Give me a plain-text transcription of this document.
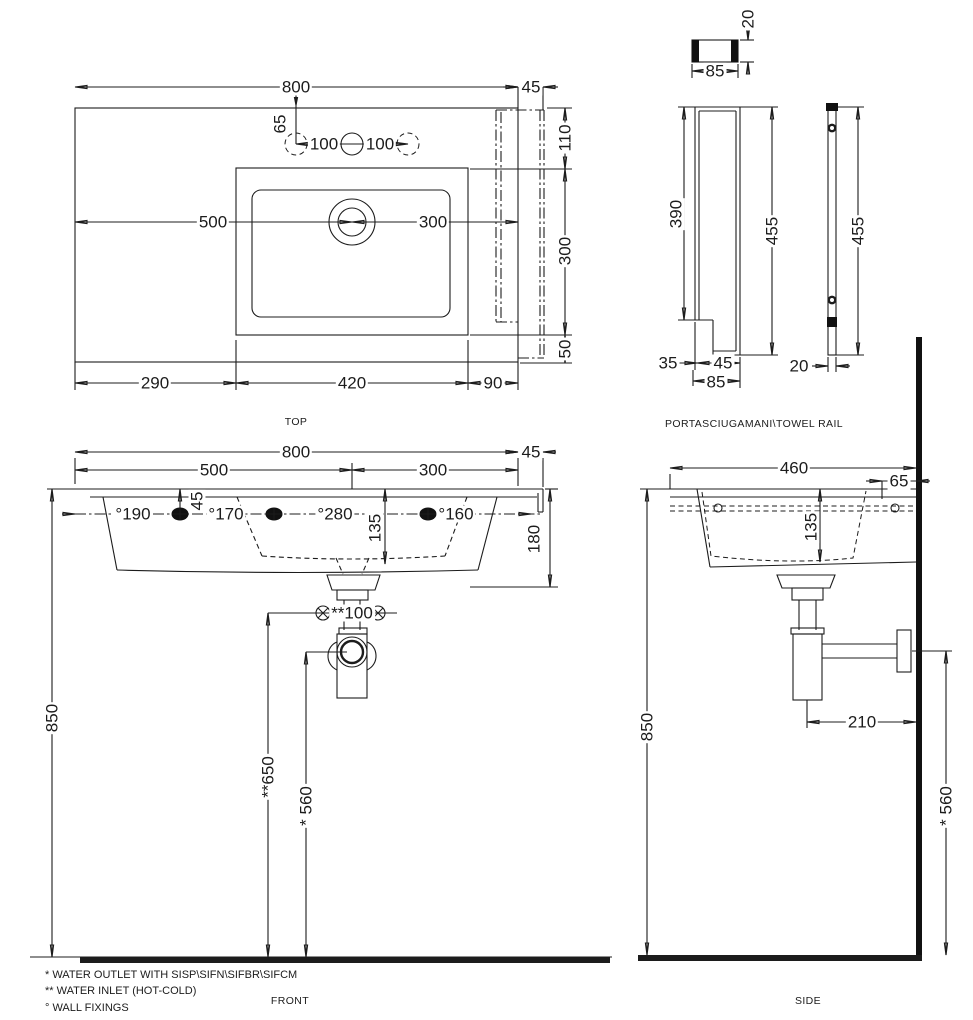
800	45
65
100 100
500	300
110
300
50
290	420	90
TOP
20
85
390
455	455
35 45
85
20
PORTASCIUGAMANI\TOWEL RAIL
800	45
500	300
45
°190	°170	°280	°160
135	180
**100
850
**650
* 560
FRONT
460
65
135
850	210
* 560
SIDE
* WATER OUTLET WITH SISP\SIFN\SIFBR\SIFCM
** WATER INLET (HOT-COLD)
° WALL FIXINGS
